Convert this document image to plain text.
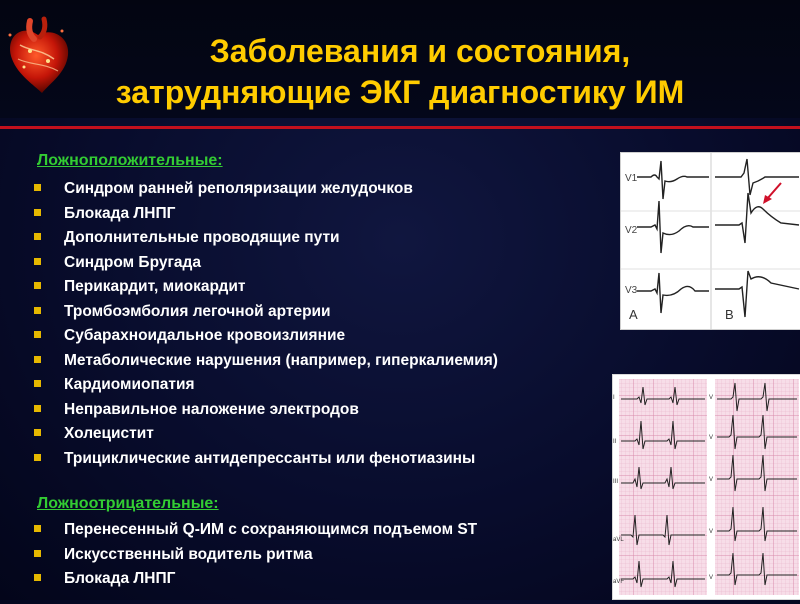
Заболевания и состояния,
затрудняющие ЭКГ диагностику ИМ
Ложноположительные:
Синдром ранней реполяризации желудочков
Блокада ЛНПГ
Дополнительные проводящие пути
Синдром Бругада
Перикардит, миокардит
Тромбоэмболия легочной артерии
Субарахноидальное кровоизлияние
Метаболические нарушения (например, гиперкалиемия)
Кардиомиопатия
Неправильное наложение электродов
Холецистит
Трициклические антидепрессанты или фенотиазины
Ложноотрицательные:
Перенесенный Q-ИМ с сохраняющимся подъемом ST
Искусственный водитель ритма
Блокада ЛНПГ
V1
V2
V3
A	B
I
II
III
aVL
aVF
V
V
V
V
V
